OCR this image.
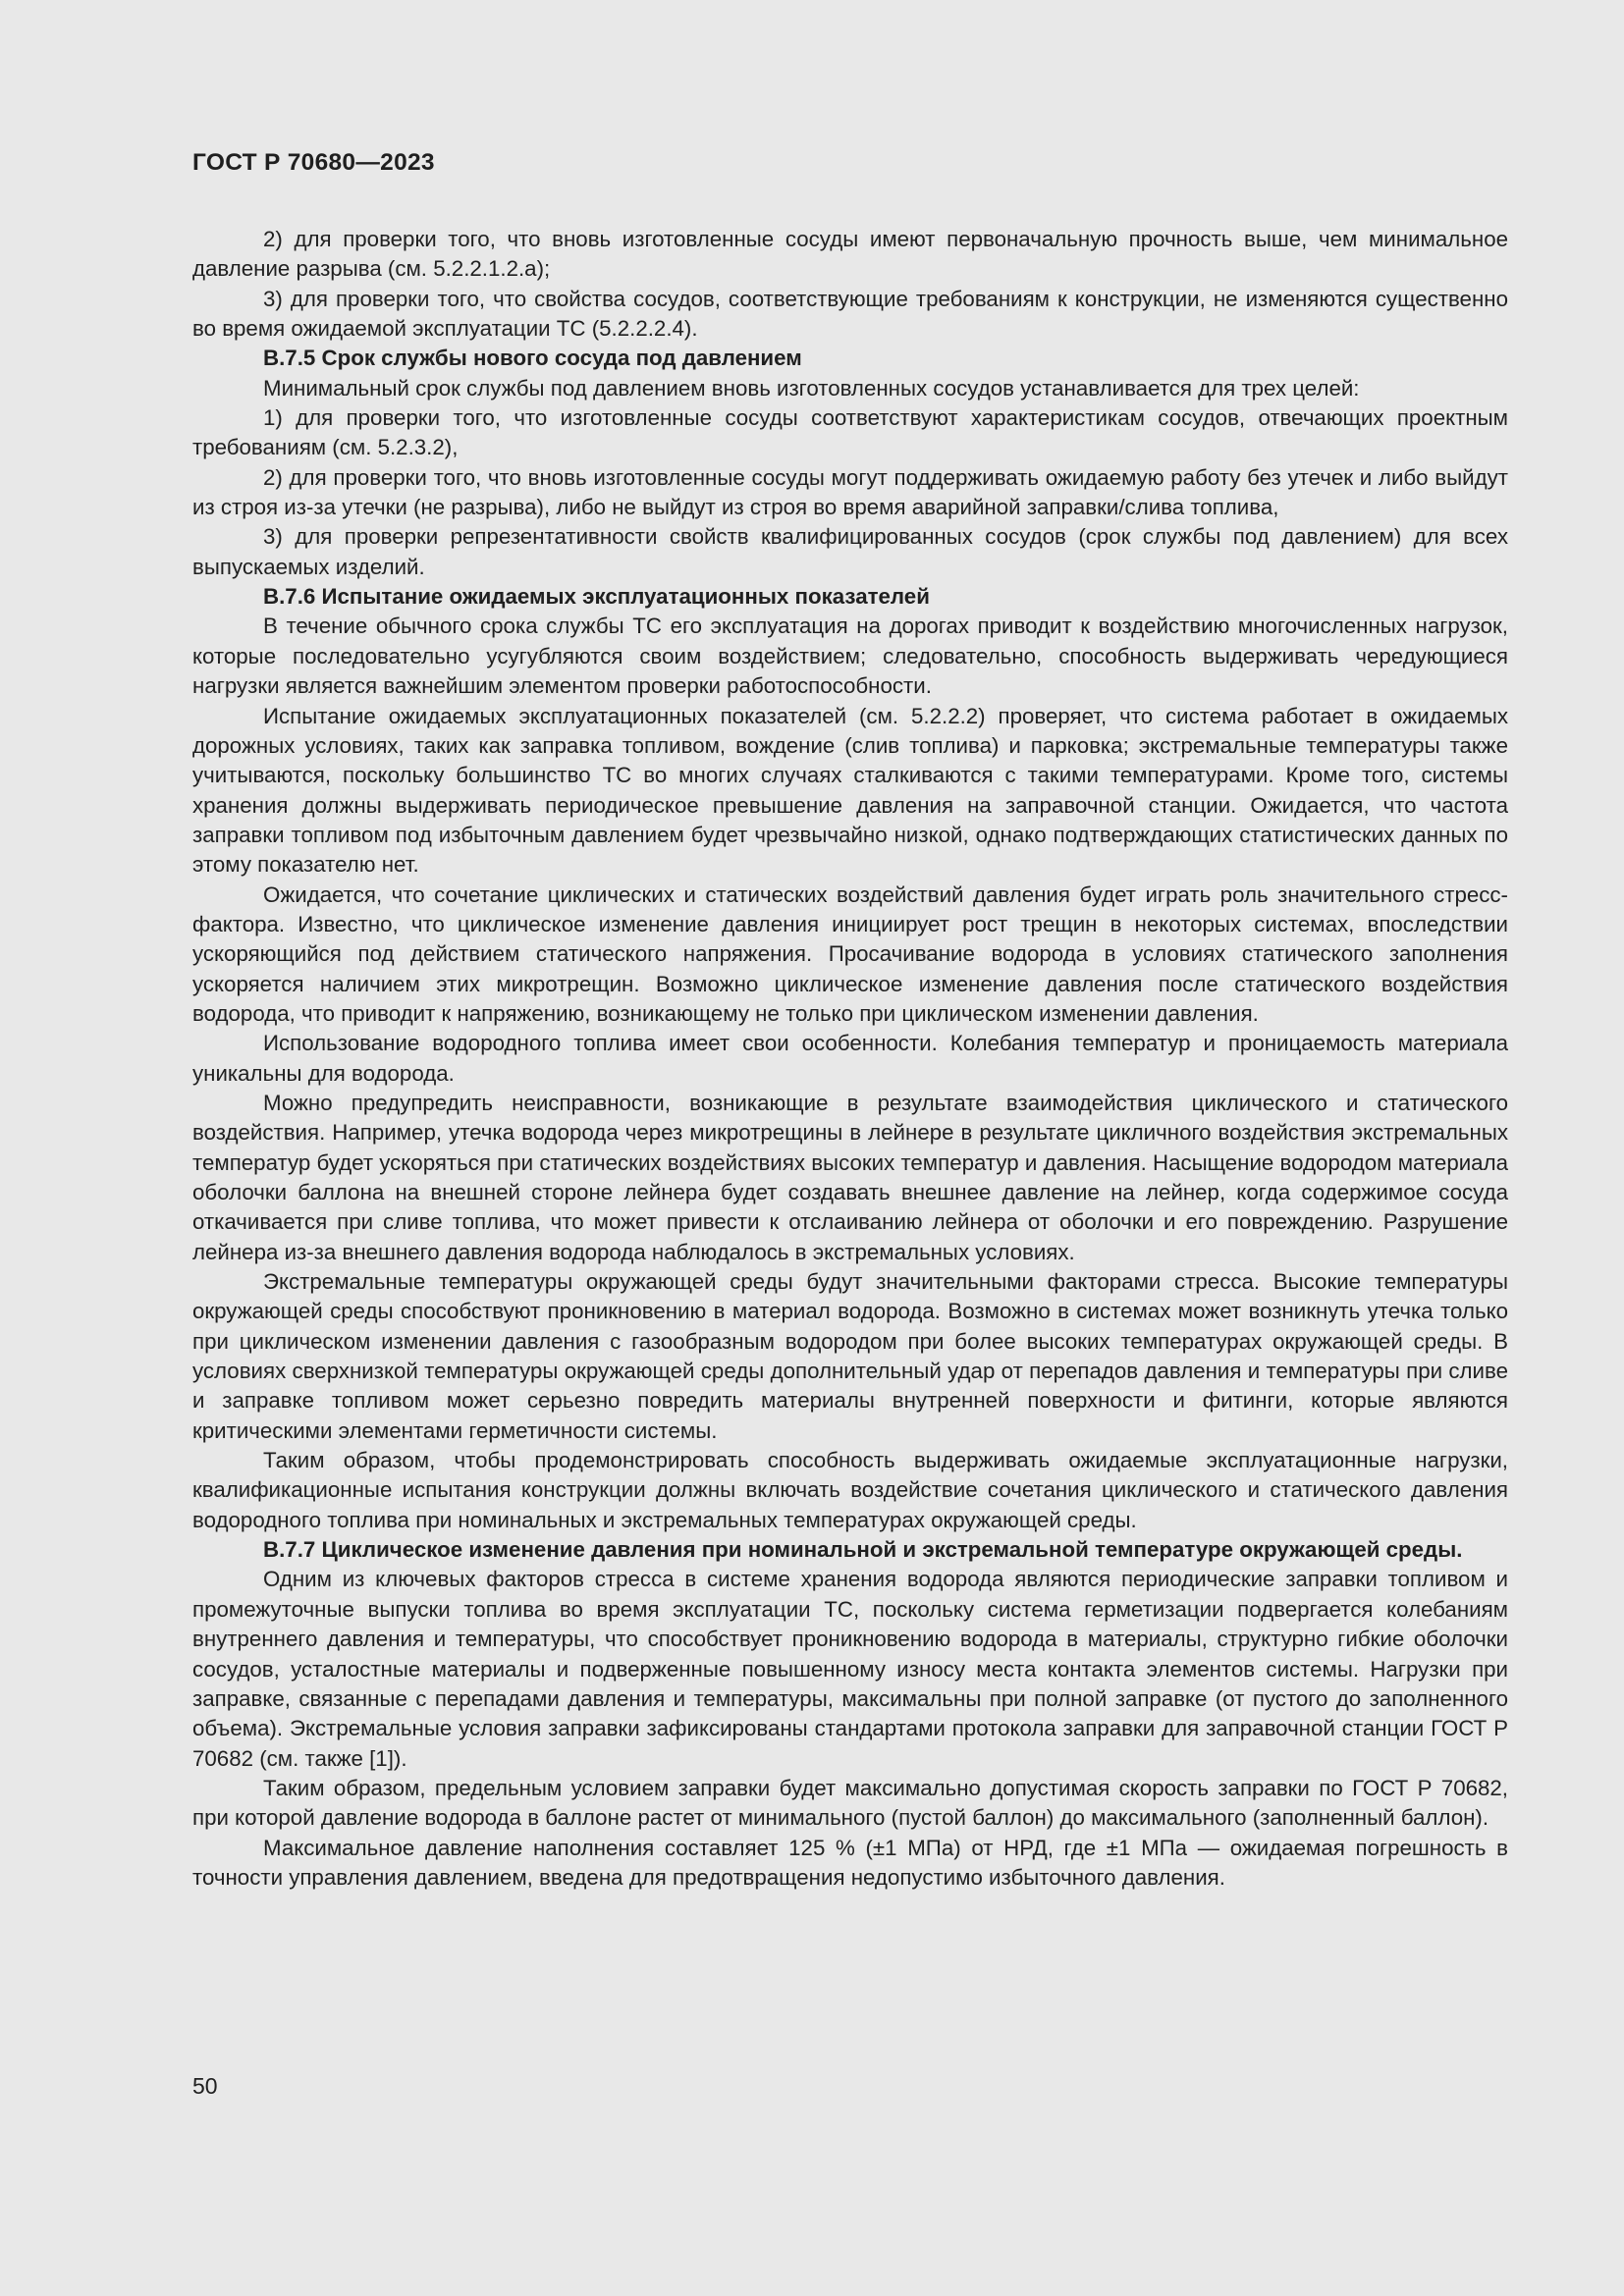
ГОСТ Р 70680—2023

2) для проверки того, что вновь изготовленные сосуды имеют первоначальную прочность выше, чем минимальное давление разрыва (см. 5.2.2.1.2.а);

3) для проверки того, что свойства сосудов, соответствующие требованиям к конструкции, не изменяются существенно во время ожидаемой эксплуатации ТС (5.2.2.2.4).

В.7.5 Срок службы нового сосуда под давлением

Минимальный срок службы под давлением вновь изготовленных сосудов устанавливается для трех целей:

1) для проверки того, что изготовленные сосуды соответствуют характеристикам сосудов, отвечающих проектным требованиям (см. 5.2.3.2),

2) для проверки того, что вновь изготовленные сосуды могут поддерживать ожидаемую работу без утечек и либо выйдут из строя из-за утечки (не разрыва), либо не выйдут из строя во время аварийной заправки/слива топлива,

3) для проверки репрезентативности свойств квалифицированных сосудов (срок службы под давлением) для всех выпускаемых изделий.

В.7.6 Испытание ожидаемых эксплуатационных показателей

В течение обычного срока службы ТС его эксплуатация на дорогах приводит к воздействию многочисленных нагрузок, которые последовательно усугубляются своим воздействием; следовательно, способность выдерживать чередующиеся нагрузки является важнейшим элементом проверки работоспособности.

Испытание ожидаемых эксплуатационных показателей (см. 5.2.2.2) проверяет, что система работает в ожидаемых дорожных условиях, таких как заправка топливом, вождение (слив топлива) и парковка; экстремальные температуры также учитываются, поскольку большинство ТС во многих случаях сталкиваются с такими температурами. Кроме того, системы хранения должны выдерживать периодическое превышение давления на заправочной станции. Ожидается, что частота заправки топливом под избыточным давлением будет чрезвычайно низкой, однако подтверждающих статистических данных по этому показателю нет.

Ожидается, что сочетание циклических и статических воздействий давления будет играть роль значительного стресс-фактора. Известно, что циклическое изменение давления инициирует рост трещин в некоторых системах, впоследствии ускоряющийся под действием статического напряжения. Просачивание водорода в условиях статического заполнения ускоряется наличием этих микротрещин. Возможно циклическое изменение давления после статического воздействия водорода, что приводит к напряжению, возникающему не только при циклическом изменении давления.

Использование водородного топлива имеет свои особенности. Колебания температур и проницаемость материала уникальны для водорода.

Можно предупредить неисправности, возникающие в результате взаимодействия циклического и статического воздействия. Например, утечка водорода через микротрещины в лейнере в результате цикличного воздействия экстремальных температур будет ускоряться при статических воздействиях высоких температур и давления. Насыщение водородом материала оболочки баллона на внешней стороне лейнера будет создавать внешнее давление на лейнер, когда содержимое сосуда откачивается при сливе топлива, что может привести к отслаиванию лейнера от оболочки и его повреждению. Разрушение лейнера из-за внешнего давления водорода наблюдалось в экстремальных условиях.

Экстремальные температуры окружающей среды будут значительными факторами стресса. Высокие температуры окружающей среды способствуют проникновению в материал водорода. Возможно в системах может возникнуть утечка только при циклическом изменении давления с газообразным водородом при более высоких температурах окружающей среды. В условиях сверхнизкой температуры окружающей среды дополнительный удар от перепадов давления и температуры при сливе и заправке топливом может серьезно повредить материалы внутренней поверхности и фитинги, которые являются критическими элементами герметичности системы.

Таким образом, чтобы продемонстрировать способность выдерживать ожидаемые эксплуатационные нагрузки, квалификационные испытания конструкции должны включать воздействие сочетания циклического и статического давления водородного топлива при номинальных и экстремальных температурах окружающей среды.

В.7.7 Циклическое изменение давления при номинальной и экстремальной температуре окружающей среды.

Одним из ключевых факторов стресса в системе хранения водорода являются периодические заправки топливом и промежуточные выпуски топлива во время эксплуатации ТС, поскольку система герметизации подвергается колебаниям внутреннего давления и температуры, что способствует проникновению водорода в материалы, структурно гибкие оболочки сосудов, усталостные материалы и подверженные повышенному износу места контакта элементов системы. Нагрузки при заправке, связанные с перепадами давления и температуры, максимальны при полной заправке (от пустого до заполненного объема). Экстремальные условия заправки зафиксированы стандартами протокола заправки для заправочной станции ГОСТ Р 70682 (см. также [1]).

Таким образом, предельным условием заправки будет максимально допустимая скорость заправки по ГОСТ Р 70682, при которой давление водорода в баллоне растет от минимального (пустой баллон) до максимального (заполненный баллон).

Максимальное давление наполнения составляет 125 % (±1 МПа) от НРД, где ±1 МПа — ожидаемая погрешность в точности управления давлением, введена для предотвращения недопустимо избыточного давления.

50
